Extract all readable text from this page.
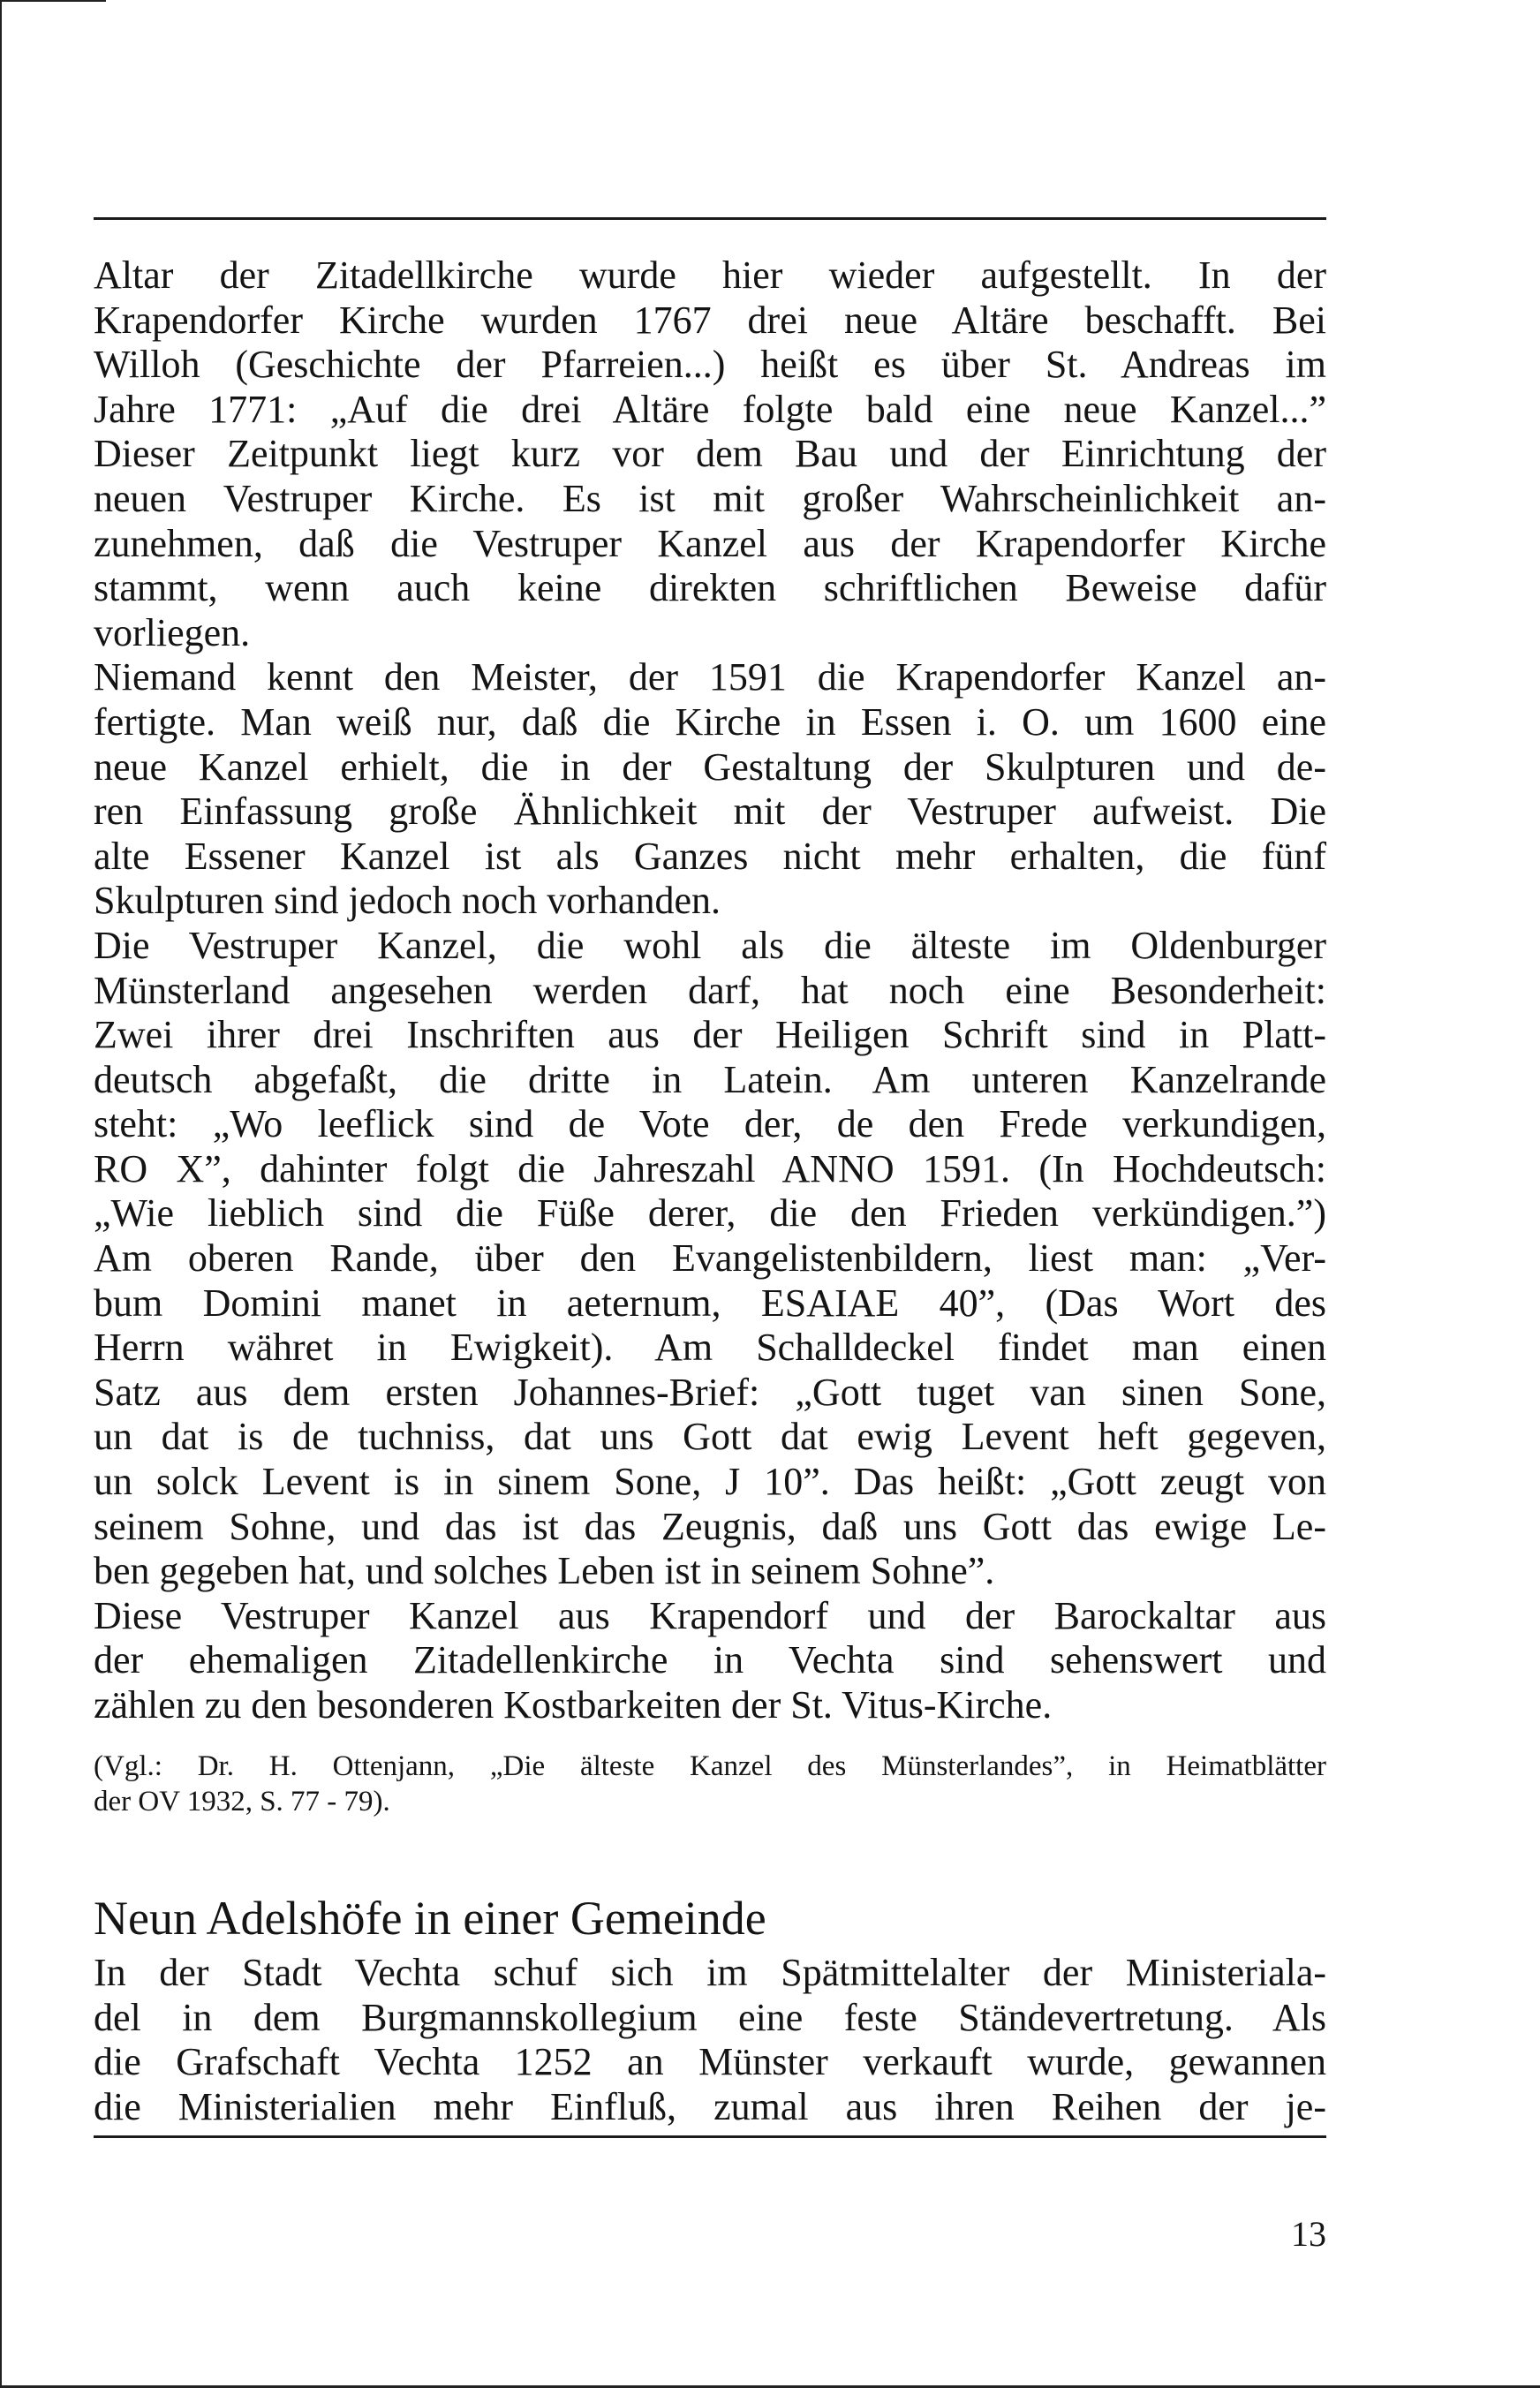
Altar der Zitadellkirche wurde hier wieder aufgestellt. In der
Krapendorfer Kirche wurden 1767 drei neue Altäre beschafft. Bei
Willoh (Geschichte der Pfarreien...) heißt es über St. Andreas im
Jahre 1771: „Auf die drei Altäre folgte bald eine neue Kanzel...”
Dieser Zeitpunkt liegt kurz vor dem Bau und der Einrichtung der
neuen Vestruper Kirche. Es ist mit großer Wahrscheinlichkeit an-
zunehmen, daß die Vestruper Kanzel aus der Krapendorfer Kirche
stammt, wenn auch keine direkten schriftlichen Beweise dafür
vorliegen.
Niemand kennt den Meister, der 1591 die Krapendorfer Kanzel an-
fertigte. Man weiß nur, daß die Kirche in Essen i. O. um 1600 eine
neue Kanzel erhielt, die in der Gestaltung der Skulpturen und de-
ren Einfassung große Ähnlichkeit mit der Vestruper aufweist. Die
alte Essener Kanzel ist als Ganzes nicht mehr erhalten, die fünf
Skulpturen sind jedoch noch vorhanden.
Die Vestruper Kanzel, die wohl als die älteste im Oldenburger
Münsterland angesehen werden darf, hat noch eine Besonderheit:
Zwei ihrer drei Inschriften aus der Heiligen Schrift sind in Platt-
deutsch abgefaßt, die dritte in Latein. Am unteren Kanzelrande
steht: „Wo leeflick sind de Vote der, de den Frede verkundigen,
RO X”, dahinter folgt die Jahreszahl ANNO 1591. (In Hochdeutsch:
„Wie lieblich sind die Füße derer, die den Frieden verkündigen.”)
Am oberen Rande, über den Evangelistenbildern, liest man: „Ver-
bum Domini manet in aeternum, ESAIAE 40”, (Das Wort des
Herrn währet in Ewigkeit). Am Schalldeckel findet man einen
Satz aus dem ersten Johannes-Brief: „Gott tuget van sinen Sone,
un dat is de tuchniss, dat uns Gott dat ewig Levent heft gegeven,
un solck Levent is in sinem Sone, J 10”. Das heißt: „Gott zeugt von
seinem Sohne, und das ist das Zeugnis, daß uns Gott das ewige Le-
ben gegeben hat, und solches Leben ist in seinem Sohne”.
Diese Vestruper Kanzel aus Krapendorf und der Barockaltar aus
der ehemaligen Zitadellenkirche in Vechta sind sehenswert und
zählen zu den besonderen Kostbarkeiten der St. Vitus-Kirche.
(Vgl.: Dr. H. Ottenjann, „Die älteste Kanzel des Münsterlandes”, in Heimatblätter
der OV 1932, S. 77 - 79).
Neun Adelshöfe in einer Gemeinde
In der Stadt Vechta schuf sich im Spätmittelalter der Ministeriala-
del in dem Burgmannskollegium eine feste Ständevertretung. Als
die Grafschaft Vechta 1252 an Münster verkauft wurde, gewannen
die Ministerialien mehr Einfluß, zumal aus ihren Reihen der je-
13
